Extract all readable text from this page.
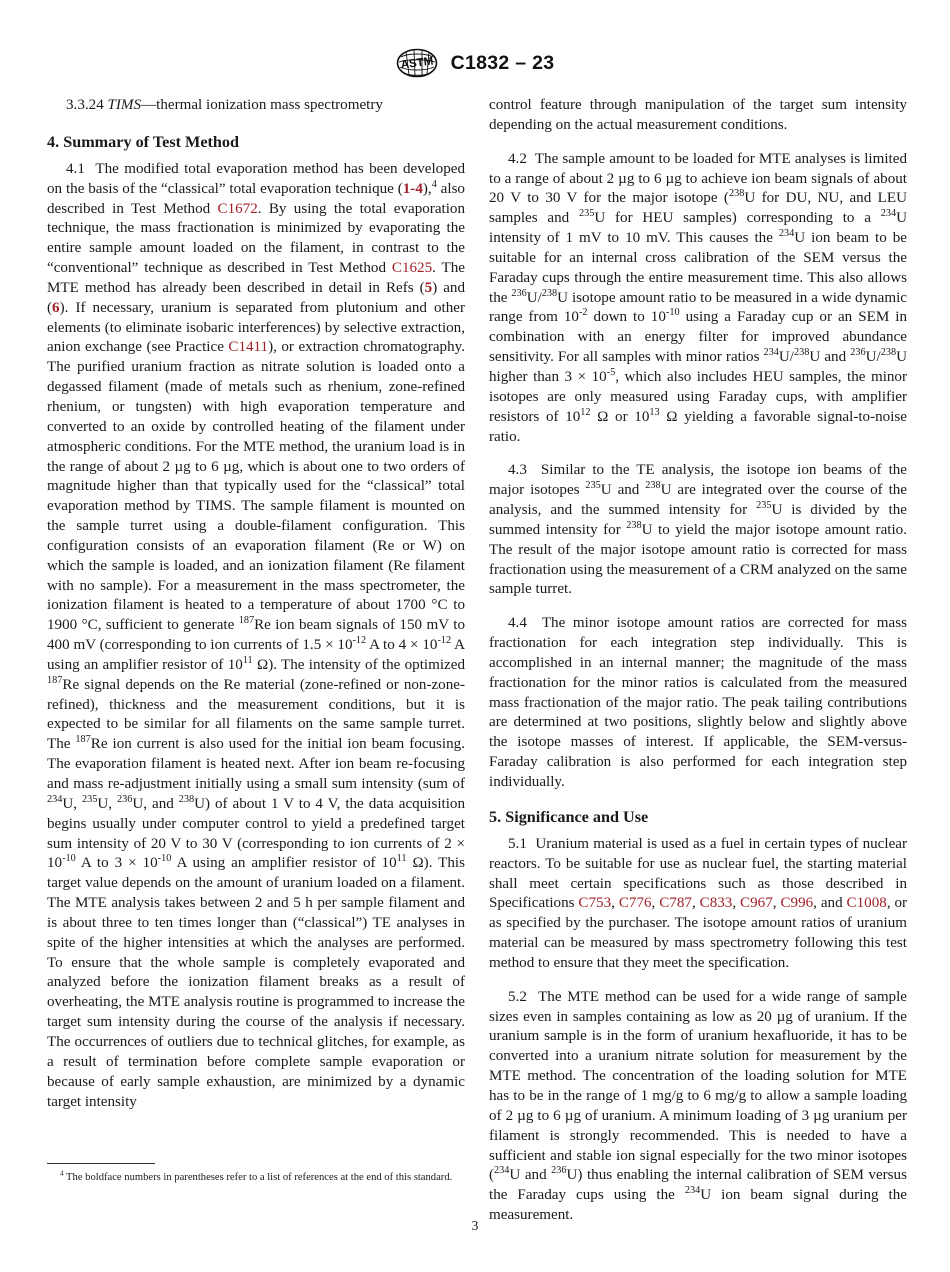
ASTM C1832 – 23

3.3.24 TIMS—thermal ionization mass spectrometry

4. Summary of Test Method

4.1 The modified total evaporation method has been developed on the basis of the “classical” total evaporation technique (1-4),$^4$ also described in Test Method C1672. By using the total evaporation technique, the mass fractionation is minimized by evaporating the entire sample amount loaded on the filament, in contrast to the “conventional” technique as described in Test Method C1625. The MTE method has already been described in detail in Refs (5) and (6). If necessary, uranium is separated from plutonium and other elements (to eliminate isobaric interferences) by selective extraction, anion exchange (see Practice C1411), or extraction chromatography. The purified uranium fraction as nitrate solution is loaded onto a degassed filament (made of metals such as rhenium, zone-refined rhenium, or tungsten) with high evaporation temperature and converted to an oxide by controlled heating of the filament under atmospheric conditions. For the MTE method, the uranium load is in the range of about 2 µg to 6 µg, which is about one to two orders of magnitude higher than that typically used for the “classical” total evaporation method by TIMS. The sample filament is mounted on the sample turret using a double-filament configuration. This configuration consists of an evaporation filament (Re or W) on which the sample is loaded, and an ionization filament (Re filament with no sample). For a measurement in the mass spectrometer, the ionization filament is heated to a temperature of about 1700 °C to 1900 °C, sufficient to generate $^{187}$Re ion beam signals of 150 mV to 400 mV (corresponding to ion currents of $1.5 \times 10^{-12}$ A to $4 \times 10^{-12}$ A using an amplifier resistor of $10^{11}$ Ω). The intensity of the optimized $^{187}$Re signal depends on the Re material (zone-refined or non-zone-refined), thickness and the measurement conditions, but it is expected to be similar for all filaments on the same sample turret. The $^{187}$Re ion current is also used for the initial ion beam focusing. The evaporation filament is heated next. After ion beam re-focusing and mass re-adjustment initially using a small sum intensity (sum of $^{234}$U, $^{235}$U, $^{236}$U, and $^{238}$U) of about 1 V to 4 V, the data acquisition begins usually under computer control to yield a predefined target sum intensity of 20 V to 30 V (corresponding to ion currents of $2 \times 10^{-10}$ A to $3 \times 10^{-10}$ A using an amplifier resistor of $10^{11}$ Ω). This target value depends on the amount of uranium loaded on a filament. The MTE analysis takes between 2 and 5 h per sample filament and is about three to ten times longer than (“classical”) TE analyses in spite of the higher intensities at which the analyses are performed. To ensure that the whole sample is completely evaporated and analyzed before the ionization filament breaks as a result of overheating, the MTE analysis routine is programmed to increase the target sum intensity during the course of the analysis if necessary. The occurrences of outliers due to technical glitches, for example, as a result of termination before complete sample evaporation or because of early sample exhaustion, are minimized by a dynamic target intensity

control feature through manipulation of the target sum intensity depending on the actual measurement conditions.

4.2 The sample amount to be loaded for MTE analyses is limited to a range of about 2 µg to 6 µg to achieve ion beam signals of about 20 V to 30 V for the major isotope ($^{238}$U for DU, NU, and LEU samples and $^{235}$U for HEU samples) corresponding to a $^{234}$U intensity of 1 mV to 10 mV. This causes the $^{234}$U ion beam to be suitable for an internal cross calibration of the SEM versus the Faraday cups through the entire measurement time. This also allows the $^{236}$U/$^{238}$U isotope amount ratio to be measured in a wide dynamic range from $10^{-2}$ down to $10^{-10}$ using a Faraday cup or an SEM in combination with an energy filter for improved abundance sensitivity. For all samples with minor ratios $^{234}$U/$^{238}$U and $^{236}$U/$^{238}$U higher than $3 \times 10^{-5}$, which also includes HEU samples, the minor isotopes are only measured using Faraday cups, with amplifier resistors of $10^{12}$ Ω or $10^{13}$ Ω yielding a favorable signal-to-noise ratio.

4.3 Similar to the TE analysis, the isotope ion beams of the major isotopes $^{235}$U and $^{238}$U are integrated over the course of the analysis, and the summed intensity for $^{235}$U is divided by the summed intensity for $^{238}$U to yield the major isotope amount ratio. The result of the major isotope amount ratio is corrected for mass fractionation using the measurement of a CRM analyzed on the same sample turret.

4.4 The minor isotope amount ratios are corrected for mass fractionation for each integration step individually. This is accomplished in an internal manner; the magnitude of the mass fractionation for the minor ratios is calculated from the measured mass fractionation of the major ratio. The peak tailing contributions are determined at two positions, slightly below and slightly above the isotope masses of interest. If applicable, the SEM-versus-Faraday calibration is also performed for each integration step individually.

5. Significance and Use

5.1 Uranium material is used as a fuel in certain types of nuclear reactors. To be suitable for use as nuclear fuel, the starting material shall meet certain specifications such as those described in Specifications C753, C776, C787, C833, C967, C996, and C1008, or as specified by the purchaser. The isotope amount ratios of uranium material can be measured by mass spectrometry following this test method to ensure that they meet the specification.

5.2 The MTE method can be used for a wide range of sample sizes even in samples containing as low as 20 µg of uranium. If the uranium sample is in the form of uranium hexafluoride, it has to be converted into a uranium nitrate solution for measurement by the MTE method. The concentration of the loading solution for MTE has to be in the range of 1 mg/g to 6 mg/g to allow a sample loading of 2 µg to 6 µg of uranium. A minimum loading of 3 µg uranium per filament is strongly recommended. This is needed to have a sufficient and stable ion signal especially for the two minor isotopes ($^{234}$U and $^{236}$U) thus enabling the internal calibration of SEM versus the Faraday cups using the $^{234}$U ion beam signal during the measurement.

$^4$ The boldface numbers in parentheses refer to a list of references at the end of this standard.

3
